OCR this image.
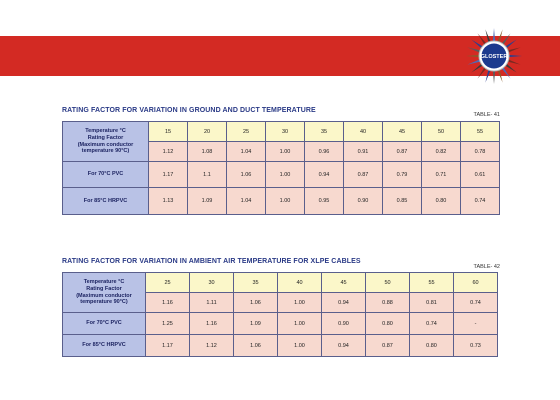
GLOSTER
RATING FACTOR FOR VARIATION IN GROUND AND DUCT TEMPERATURE
TABLE- 41
Temperature °C
Rating Factor
(Maximum conductor
temperature 90°C)	15	20	25	30	35	40	45	50	55
	1.12	1.08	1.04	1.00	0.96	0.91	0.87	0.82	0.78
For 70°C PVC	1.17	1.1	1.06	1.00	0.94	0.87	0.79	0.71	0.61
For 85°C HRPVC	1.13	1.09	1.04	1.00	0.95	0.90	0.85	0.80	0.74
RATING FACTOR FOR VARIATION IN AMBIENT AIR TEMPERATURE FOR XLPE CABLES
TABLE- 42
Temperature °C
Rating Factor
(Maximum conductor
temperature 90°C)	25	30	35	40	45	50	55	60
	1.16	1.11	1.06	1.00	0.94	0.88	0.81	0.74
For 70°C PVC	1.25	1.16	1.09	1.00	0.90	0.80	0.74	-
For 85°C HRPVC	1.17	1.12	1.06	1.00	0.94	0.87	0.80	0.73
